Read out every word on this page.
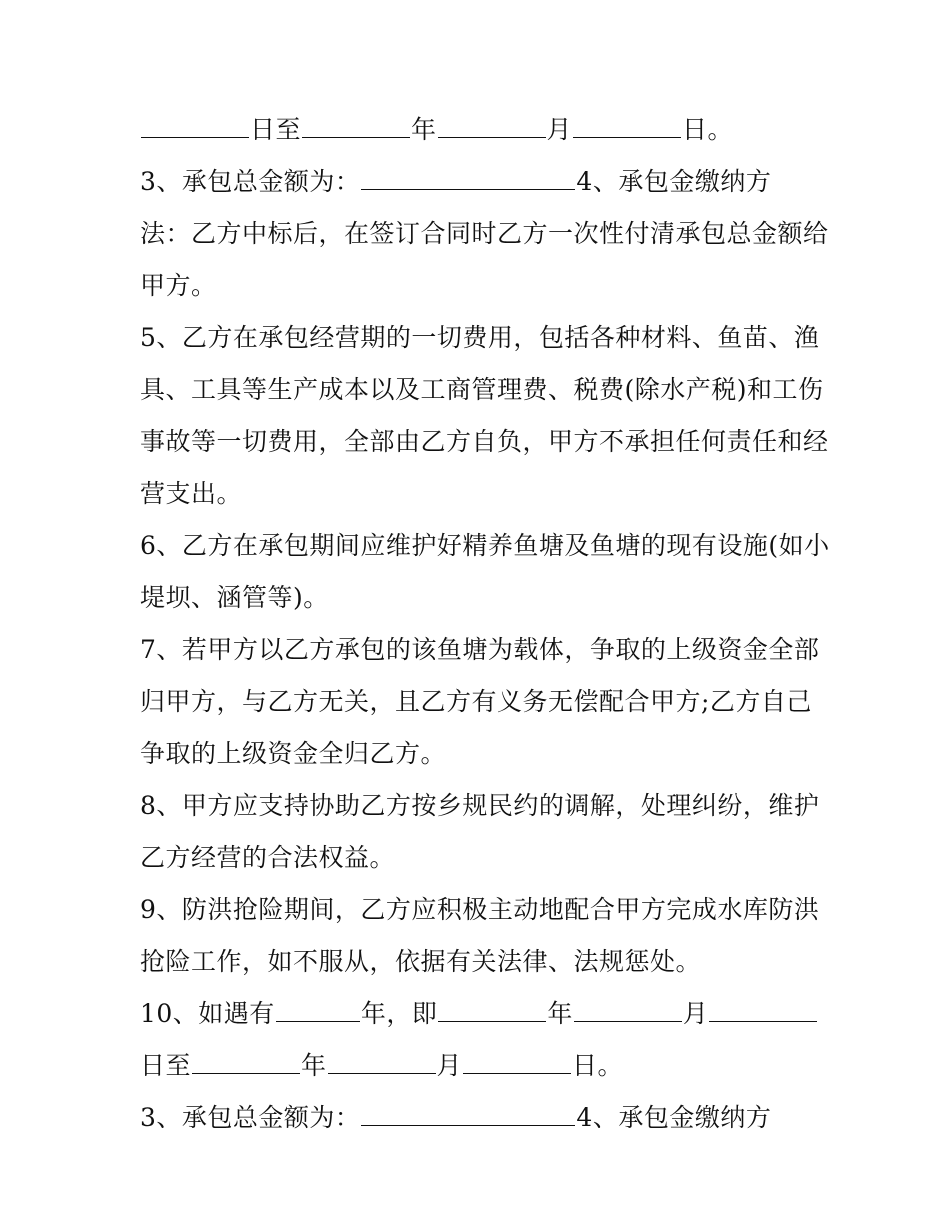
日至	年	月	日。
3、承包总金额为：	4、承包金缴纳方
法：乙方中标后，在签订合同时乙方一次性付清承包总金额给
甲方。
5、乙方在承包经营期的一切费用，包括各种材料、鱼苗、渔
具、工具等生产成本以及工商管理费、税费(除水产税)和工伤
事故等一切费用，全部由乙方自负，甲方不承担任何责任和经
营支出。
6、乙方在承包期间应维护好精养鱼塘及鱼塘的现有设施(如小
堤坝、涵管等)。
7、若甲方以乙方承包的该鱼塘为载体，争取的上级资金全部
归甲方，与乙方无关，且乙方有义务无偿配合甲方;乙方自己
争取的上级资金全归乙方。
8、甲方应支持协助乙方按乡规民约的调解，处理纠纷，维护
乙方经营的合法权益。
9、防洪抢险期间，乙方应积极主动地配合甲方完成水库防洪
抢险工作，如不服从，依据有关法律、法规惩处。
10、如遇有	年，即	年	月
日至	年	月	日。
3、承包总金额为：	4、承包金缴纳方
